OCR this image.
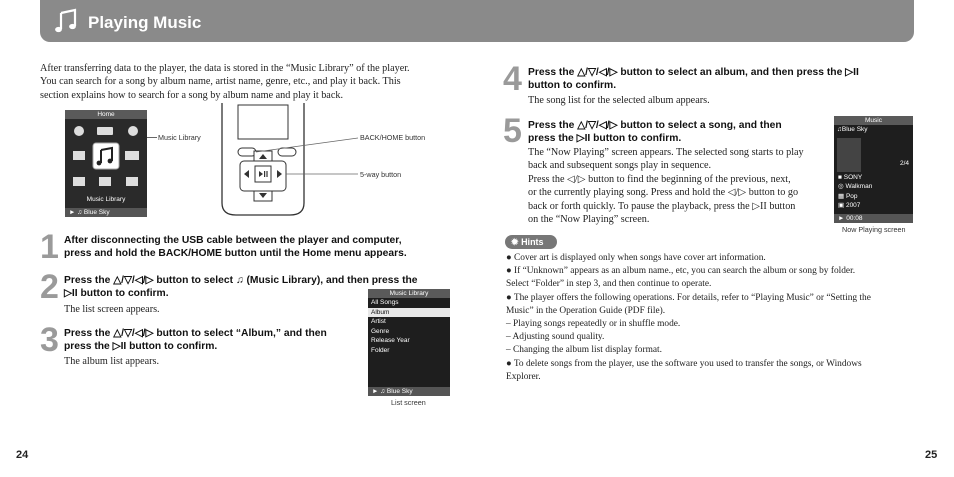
Playing Music
After transferring data to the player, the data is stored in the “Music Library” of the player.
You can search for a song by album name, artist name, genre, etc., and play it back. This
section explains how to search for a song by album name and play it back.
Home
Music Library
► ♫ Blue Sky
Music Library	BACK/HOME button
5-way button
1 After disconnecting the USB cable between the player and computer,
press and hold the BACK/HOME button until the Home menu appears.
2 Press the △/▽/◁/▷ button to select ♫ (Music Library), and then press the
▷II button to confirm.
The list screen appears.
3 Press the △/▽/◁/▷ button to select “Album,” and then
press the ▷II button to confirm.
The album list appears.
Music Library
All Songs
Album
Artist
Genre
Release Year
Folder
► ♫ Blue Sky
List screen
4 Press the △/▽/◁/▷ button to select an album, and then press the ▷II
button to confirm.
The song list for the selected album appears.
5 Press the △/▽/◁/▷ button to select a song, and then
press the ▷II button to confirm.
The “Now Playing” screen appears. The selected song starts to play
back and subsequent songs play in sequence.
Press the ◁/▷ button to find the beginning of the previous, next,
or the currently playing song. Press and hold the ◁/▷ button to go
back or forth quickly. To pause the playback, press the ▷II button
on the “Now Playing” screen.
Music
♫Blue Sky
2/4
■ SONY
◎ Walkman
▦ Pop
▣ 2007
► 00:08
Now Playing screen
✹ Hints
● Cover art is displayed only when songs have cover art information.
● If “Unknown” appears as an album name., etc, you can search the album or song by folder.
Select “Folder” in step 3, and then continue to operate.
● The player offers the following operations. For details, refer to “Playing Music” or “Setting the
Music” in the Operation Guide (PDF file).
– Playing songs repeatedly or in shuffle mode.
– Adjusting sound quality.
– Changing the album list display format.
● To delete songs from the player, use the software you used to transfer the songs, or Windows
Explorer.
24	25
